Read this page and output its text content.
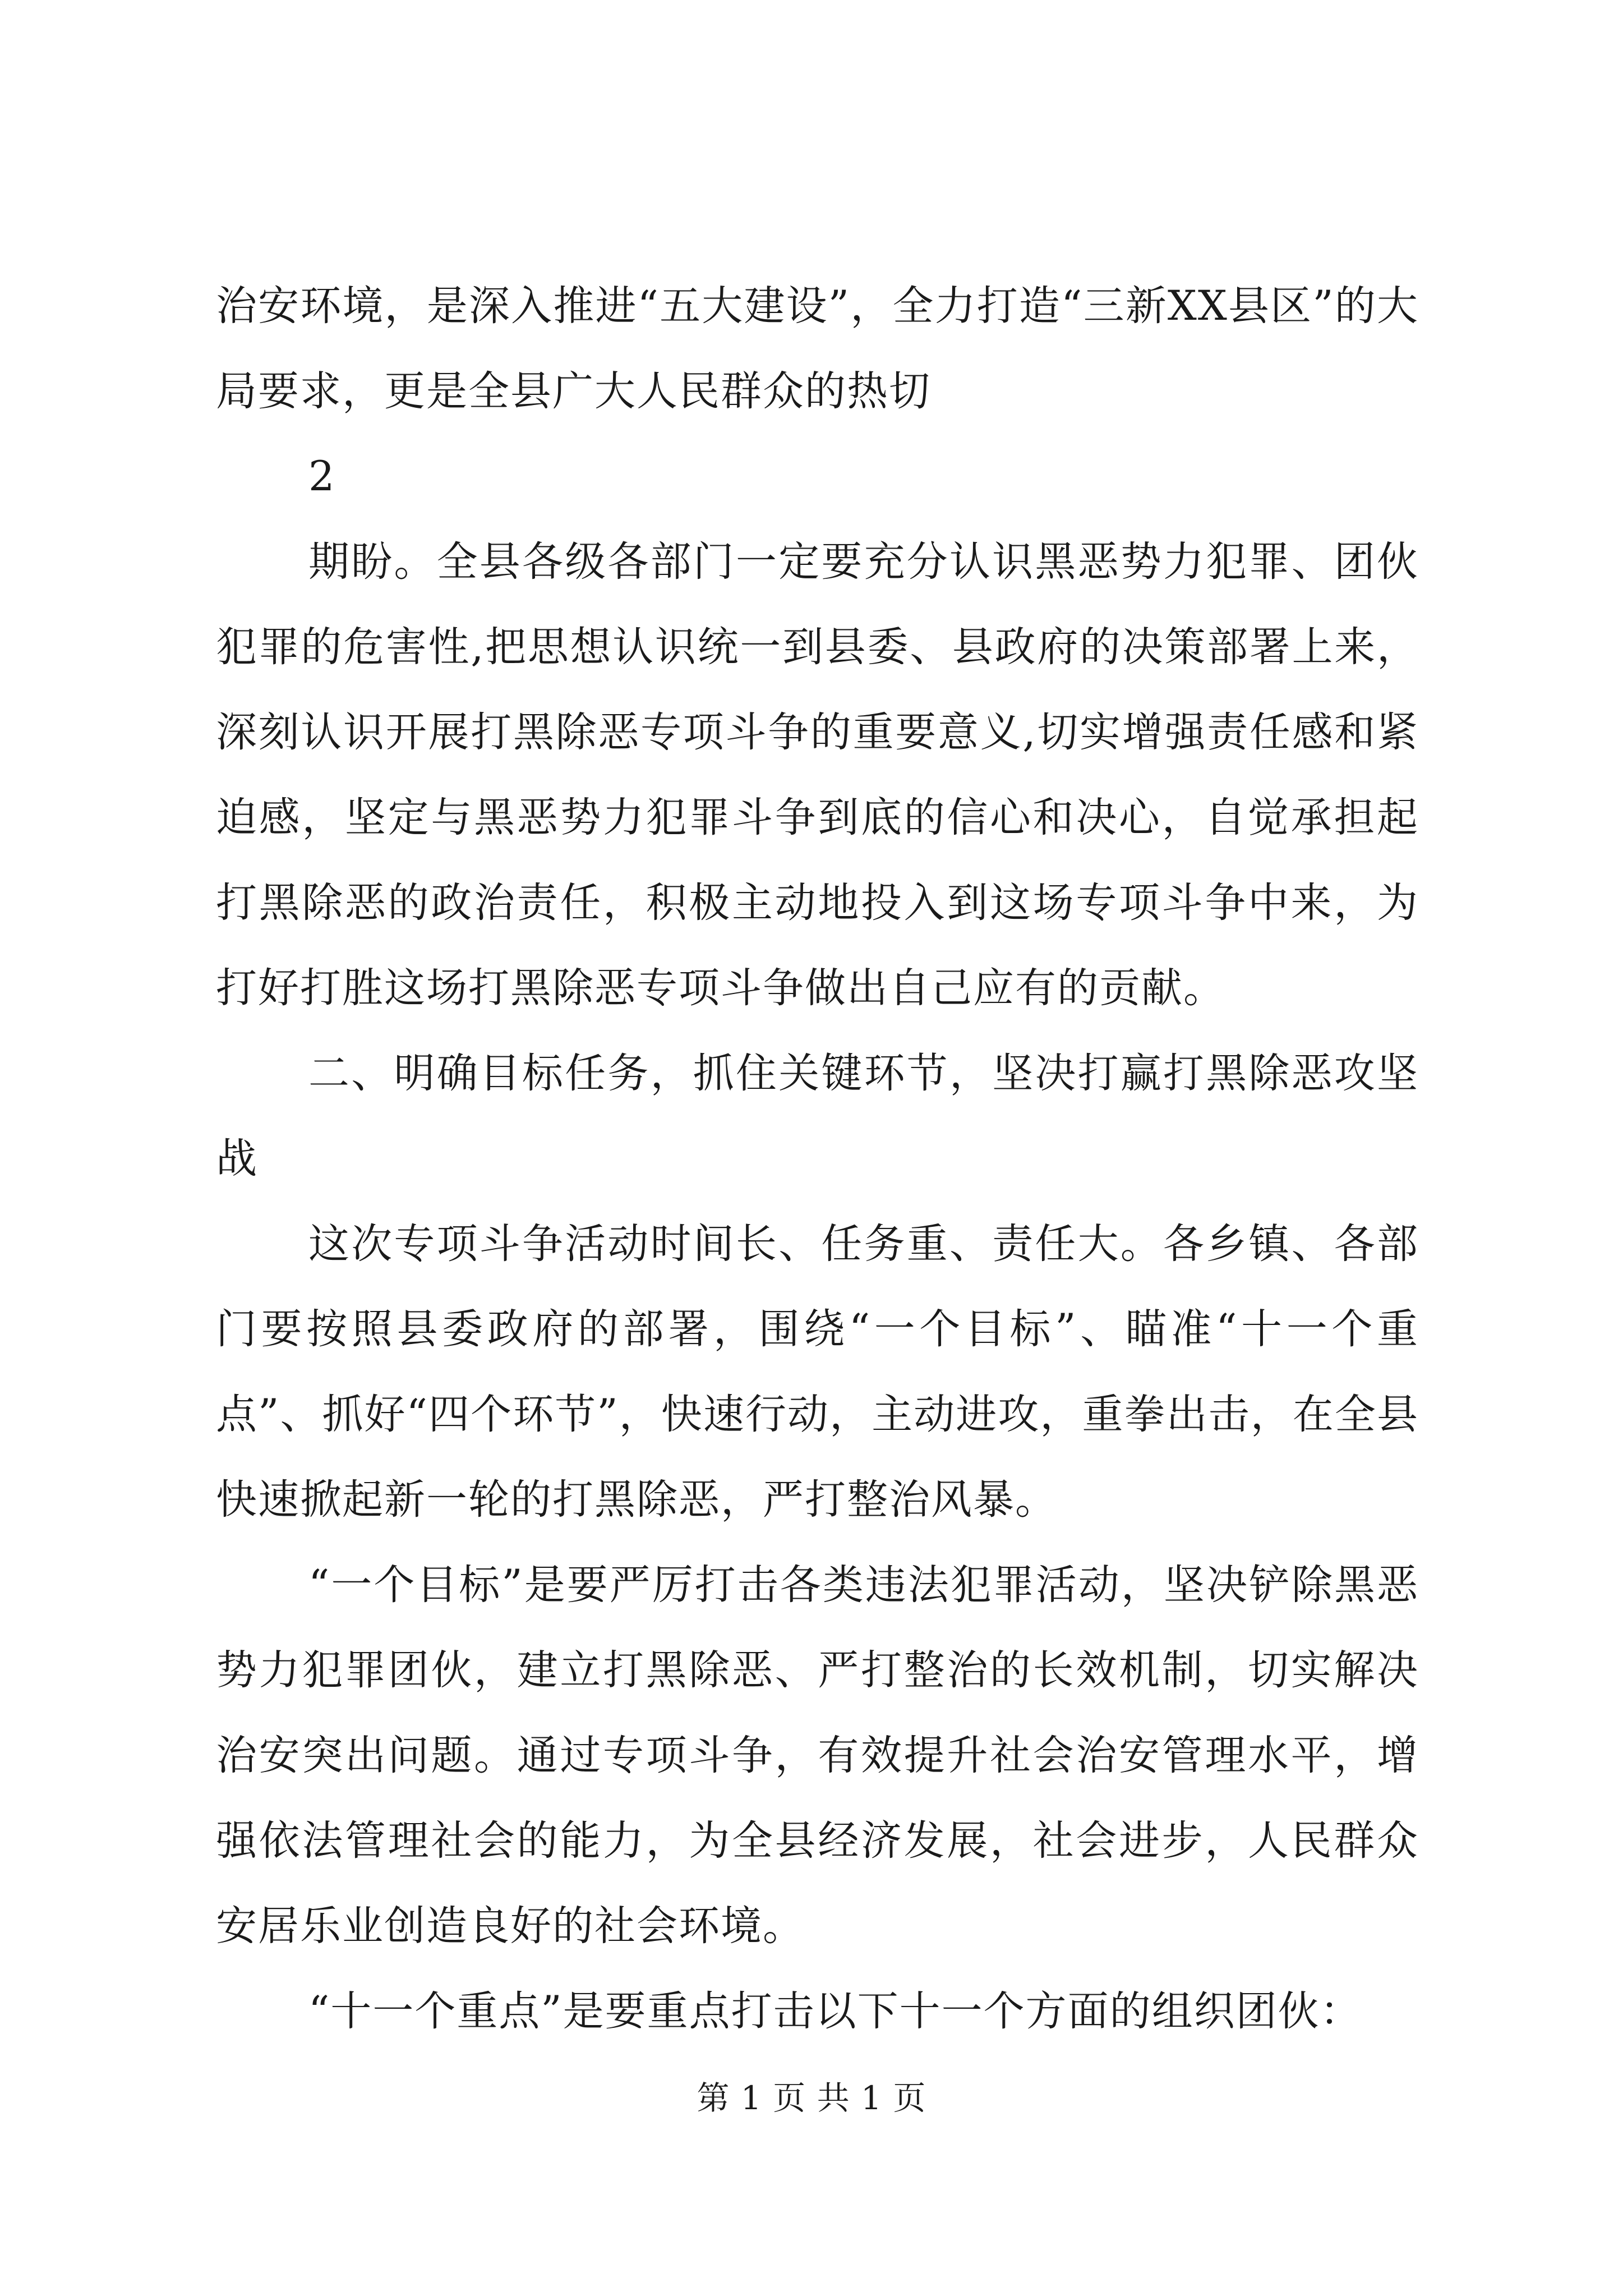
治安环境，是深入推进“五大建设”，全力打造“三新XX县区”的大局要求，更是全县广大人民群众的热切

2

期盼。全县各级各部门一定要充分认识黑恶势力犯罪、团伙犯罪的危害性,把思想认识统一到县委、县政府的决策部署上来，深刻认识开展打黑除恶专项斗争的重要意义,切实增强责任感和紧迫感，坚定与黑恶势力犯罪斗争到底的信心和决心，自觉承担起打黑除恶的政治责任，积极主动地投入到这场专项斗争中来，为打好打胜这场打黑除恶专项斗争做出自己应有的贡献。

二、明确目标任务，抓住关键环节，坚决打赢打黑除恶攻坚战

这次专项斗争活动时间长、任务重、责任大。各乡镇、各部门要按照县委政府的部署，围绕“一个目标”、瞄准“十一个重点”、抓好“四个环节”，快速行动，主动进攻，重拳出击，在全县快速掀起新一轮的打黑除恶，严打整治风暴。

“一个目标”是要严厉打击各类违法犯罪活动，坚决铲除黑恶势力犯罪团伙，建立打黑除恶、严打整治的长效机制，切实解决治安突出问题。通过专项斗争，有效提升社会治安管理水平，增强依法管理社会的能力，为全县经济发展，社会进步，人民群众安居乐业创造良好的社会环境。

“十一个重点”是要重点打击以下十一个方面的组织团伙：

第 1 页 共 1 页
